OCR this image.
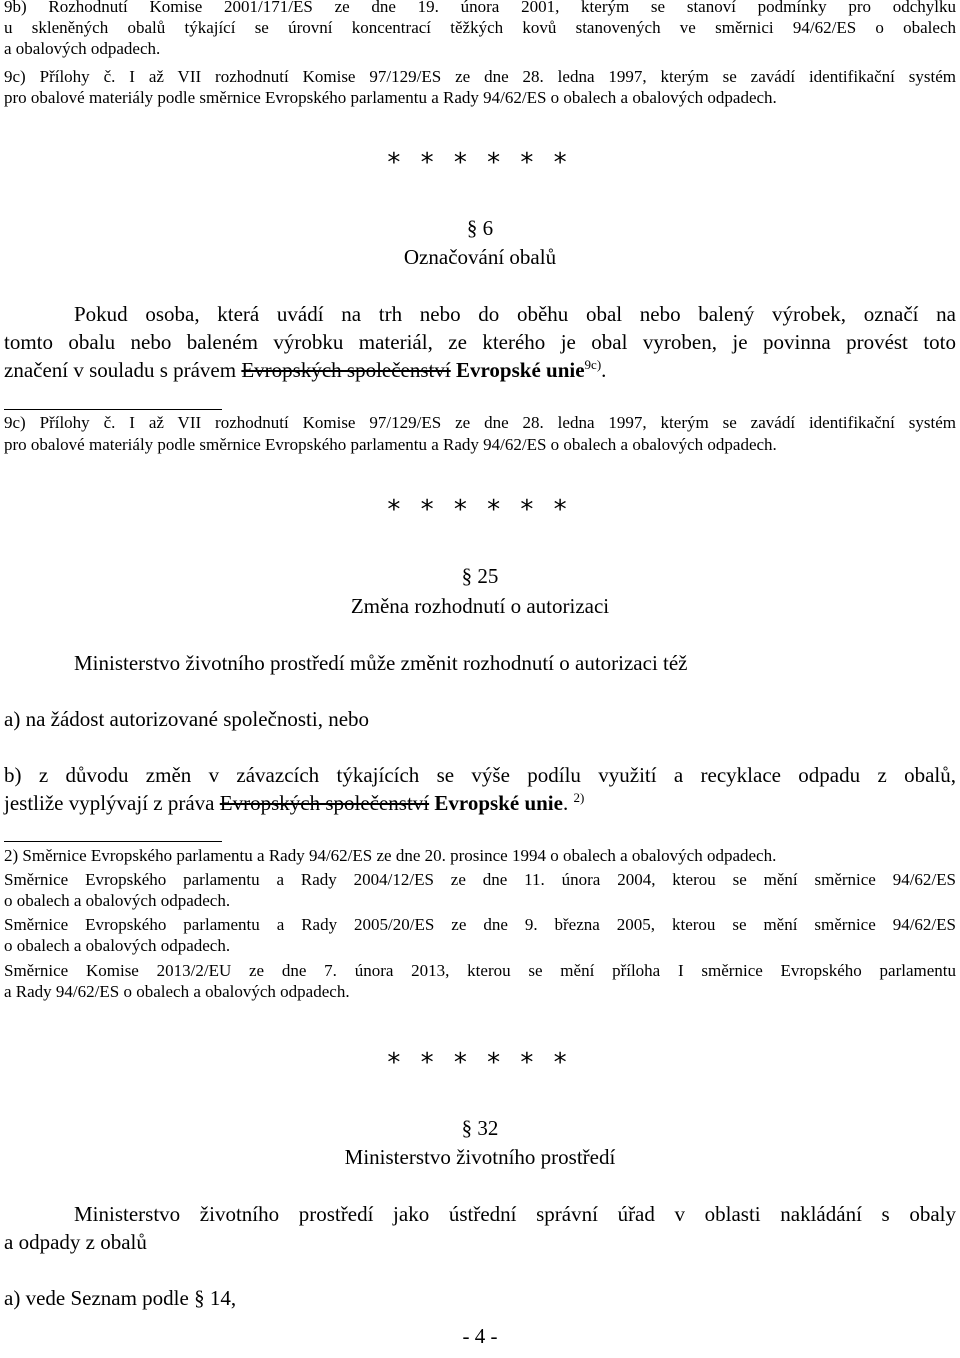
9b) Rozhodnutí Komise 2001/171/ES ze dne 19. února 2001, kterým se stanoví podmínky pro odchylku
u skleněných obalů týkající se úrovní koncentrací těžkých kovů stanovených ve směrnici 94/62/ES o obalech
a obalových odpadech.
9c) Přílohy č. I až VII rozhodnutí Komise 97/129/ES ze dne 28. ledna 1997, kterým se zavádí identifikační systém
pro obalové materiály podle směrnice Evropského parlamentu a Rady 94/62/ES o obalech a obalových odpadech.
* * * * * *
§ 6
Označování obalů
Pokud osoba, která uvádí na trh nebo do oběhu obal nebo balený výrobek, označí na
tomto obalu nebo baleném výrobku materiál, ze kterého je obal vyroben, je povinna provést toto
značení v souladu s právem Evropských společenství Evropské unie$^{9c)}$.
9c) Přílohy č. I až VII rozhodnutí Komise 97/129/ES ze dne 28. ledna 1997, kterým se zavádí identifikační systém
pro obalové materiály podle směrnice Evropského parlamentu a Rady 94/62/ES o obalech a obalových odpadech.
* * * * * *
§ 25
Změna rozhodnutí o autorizaci
Ministerstvo životního prostředí může změnit rozhodnutí o autorizaci též
a) na žádost autorizované společnosti, nebo
b) z důvodu změn v závazcích týkajících se výše podílu využití a recyklace odpadu z obalů,
jestliže vyplývají z práva Evropských společenství Evropské unie. $^{2)}$
2) Směrnice Evropského parlamentu a Rady 94/62/ES ze dne 20. prosince 1994 o obalech a obalových odpadech.
Směrnice Evropského parlamentu a Rady 2004/12/ES ze dne 11. února 2004, kterou se mění směrnice 94/62/ES
o obalech a obalových odpadech.
Směrnice Evropského parlamentu a Rady 2005/20/ES ze dne 9. března 2005, kterou se mění směrnice 94/62/ES
o obalech a obalových odpadech.
Směrnice Komise 2013/2/EU ze dne 7. února 2013, kterou se mění příloha I směrnice Evropského parlamentu
a Rady 94/62/ES o obalech a obalových odpadech.
* * * * * *
§ 32
Ministerstvo životního prostředí
Ministerstvo životního prostředí jako ústřední správní úřad v oblasti nakládání s obaly
a odpady z obalů
a) vede Seznam podle § 14,
- 4 -
